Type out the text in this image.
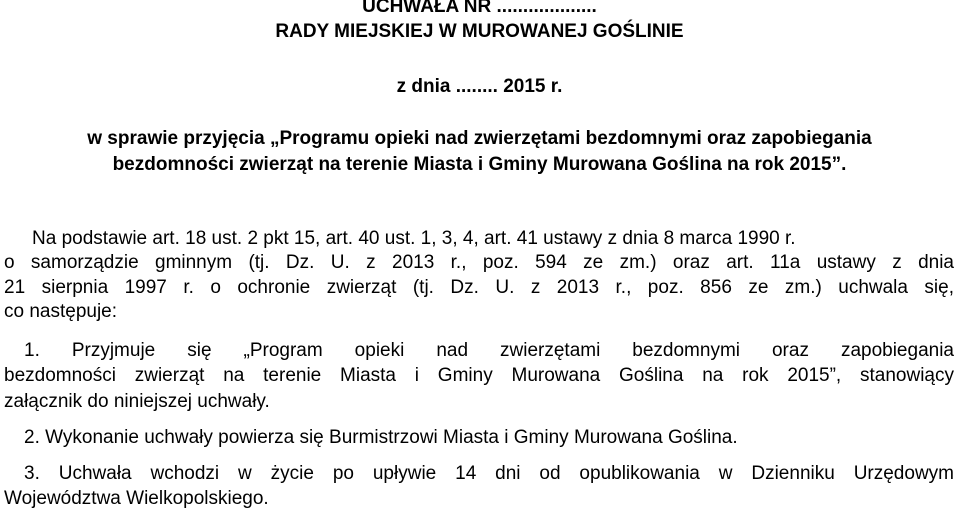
UCHWAŁA NR ...................
RADY MIEJSKIEJ W MUROWANEJ GOŚLINIE
z dnia ........ 2015 r.
w sprawie przyjęcia „Programu opieki nad zwierzętami bezdomnymi oraz zapobiegania
bezdomności zwierząt na terenie Miasta i Gminy Murowana Goślina na rok 2015”.
Na podstawie art. 18 ust. 2 pkt 15, art. 40 ust. 1, 3, 4, art. 41 ustawy z dnia 8 marca 1990 r.
o samorządzie gminnym (tj. Dz. U. z 2013 r., poz. 594 ze zm.) oraz art. 11a ustawy z dnia
21 sierpnia 1997 r. o ochronie zwierząt (tj. Dz. U. z 2013 r., poz. 856 ze zm.) uchwala się,
co następuje:
1. Przyjmuje się „Program opieki nad zwierzętami bezdomnymi oraz zapobiegania
bezdomności zwierząt na terenie Miasta i Gminy Murowana Goślina na rok 2015”, stanowiący
załącznik do niniejszej uchwały.
2. Wykonanie uchwały powierza się Burmistrzowi Miasta i Gminy Murowana Goślina.
3. Uchwała wchodzi w życie po upływie 14 dni od opublikowania w Dzienniku Urzędowym
Województwa Wielkopolskiego.
